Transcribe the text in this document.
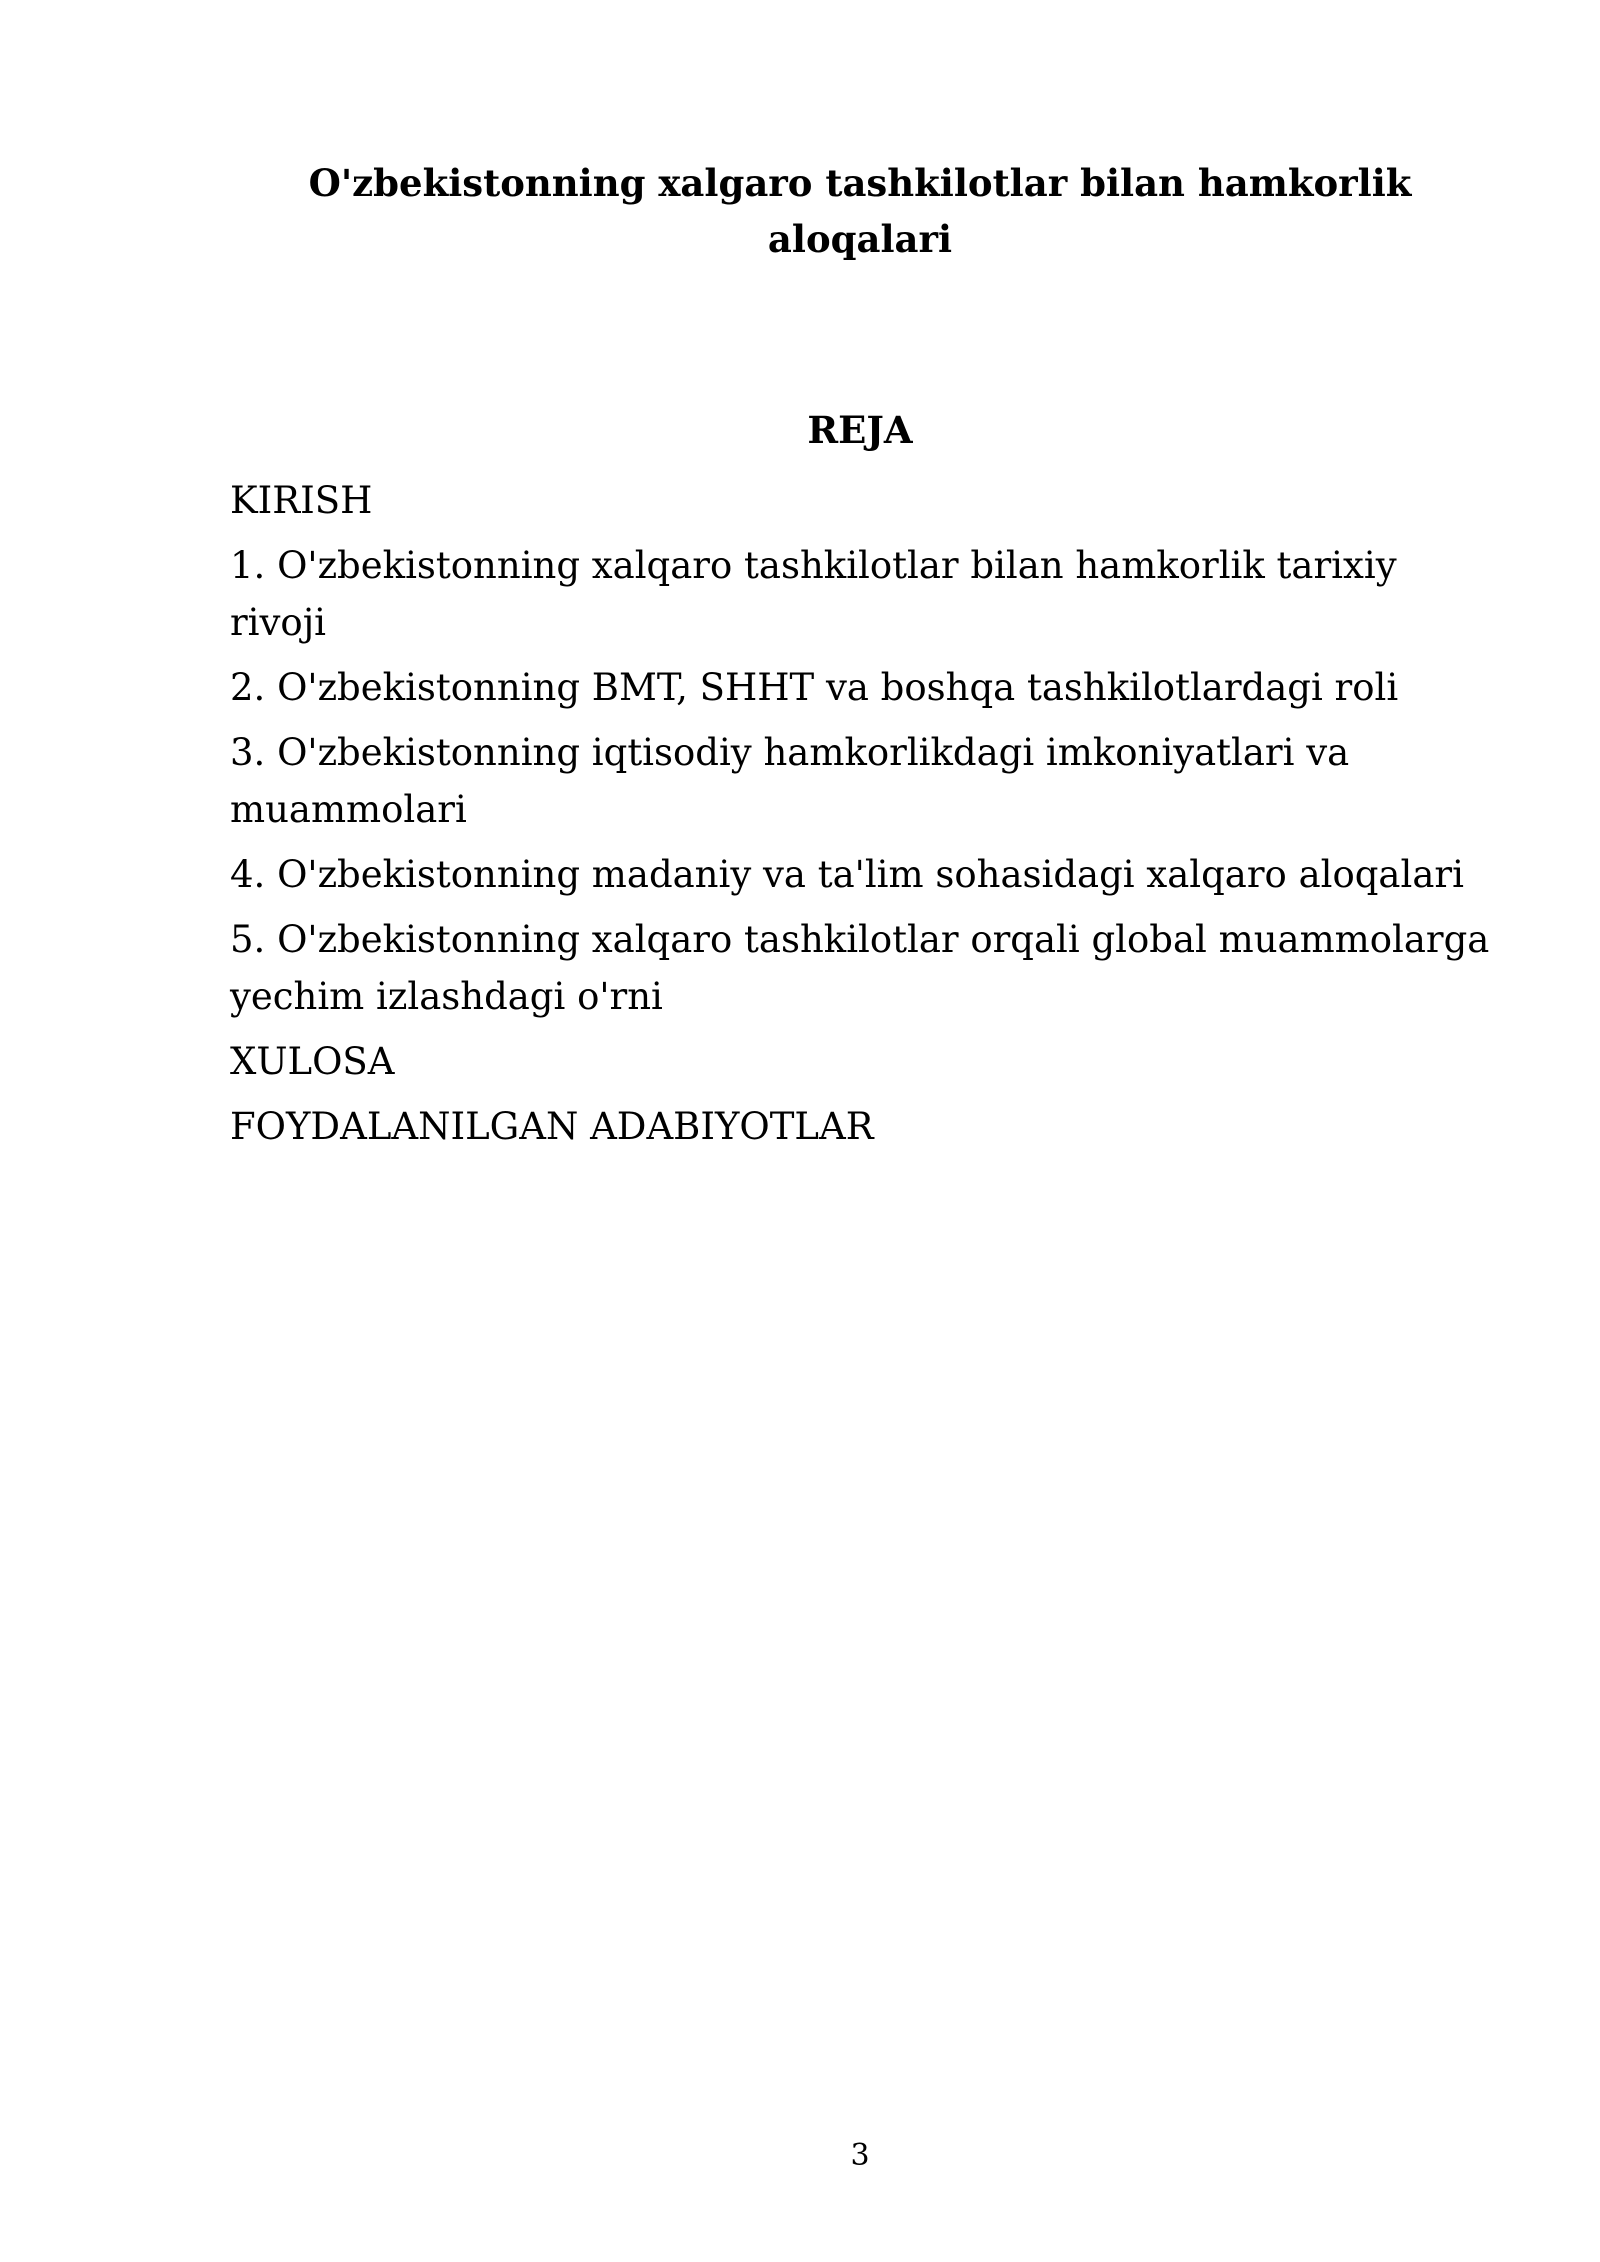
O'zbekistonning xalgaro tashkilotlar bilan hamkorlik aloqalari
REJA
KIRISH
1. O'zbekistonning xalqaro tashkilotlar bilan hamkorlik tarixiy rivoji
2. O'zbekistonning BMT, SHHT va boshqa tashkilotlardagi roli
3. O'zbekistonning iqtisodiy hamkorlikdagi imkoniyatlari va muammolari
4. O'zbekistonning madaniy va ta'lim sohasidagi xalqaro aloqalari
5. O'zbekistonning xalqaro tashkilotlar orqali global muammolarga yechim izlashdagi o'rni
XULOSA
FOYDALANILGAN ADABIYOTLAR
3
